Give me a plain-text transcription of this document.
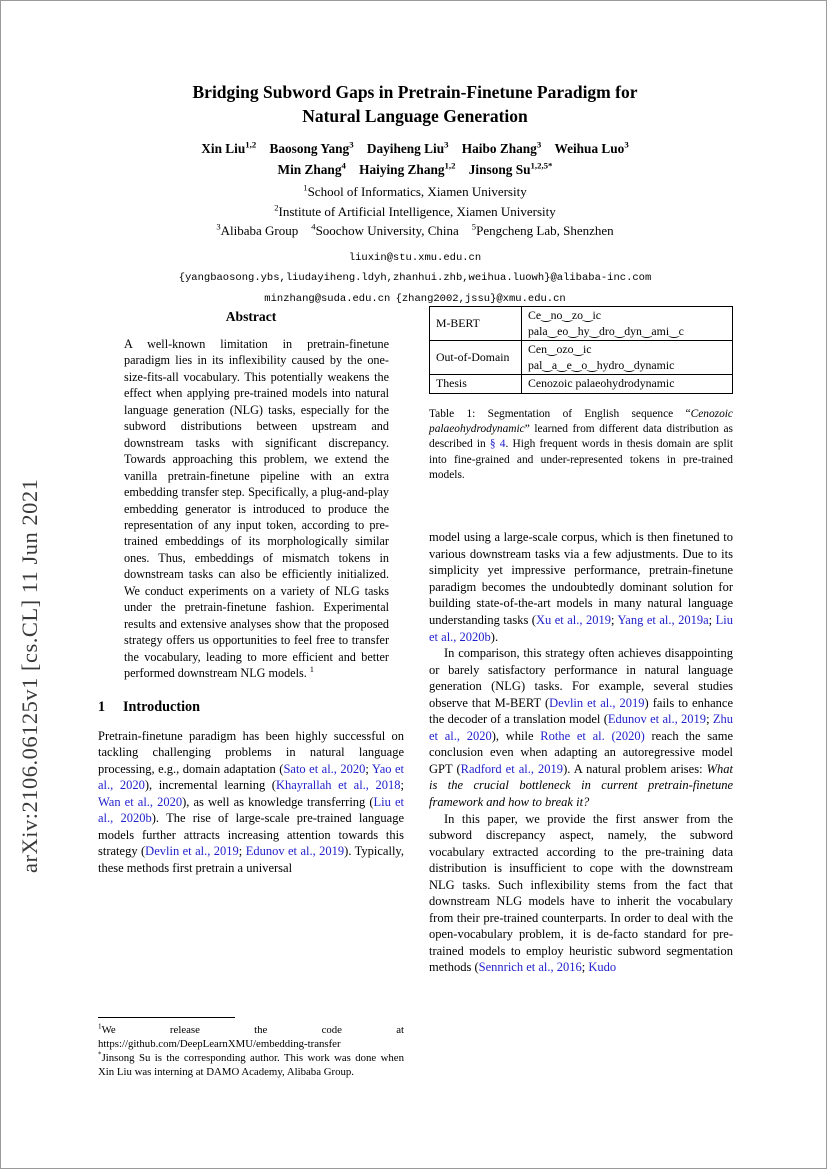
arXiv:2106.06125v1 [cs.CL] 11 Jun 2021
Bridging Subword Gaps in Pretrain-Finetune Paradigm for
Natural Language Generation
Xin Liu$^{1,2}$   Baosong Yang$^3$   Dayiheng Liu$^3$   Haibo Zhang$^3$   Weihua Luo$^3$
Min Zhang$^4$   Haiying Zhang$^{1,2}$   Jinsong $Su^{1,2,5*}$
$^1$School of Informatics, Xiamen University
$^2$Institute of Artificial Intelligence, Xiamen University
$^3$Alibaba Group   $^4$Soochow University, China   $^5$Pengcheng Lab, Shenzhen
liuxin@stu.xmu.edu.cn
{yangbaosong.ybs,liudayiheng.ldyh,zhanhui.zhb,weihua.luowh}@alibaba-inc.com
minzhang@suda.edu.cn {zhang2002,jssu}@xmu.edu.cn
Abstract
A well-known limitation in pretrain-finetune paradigm lies in its inflexibility caused by the one-size-fits-all vocabulary. This potentially weakens the effect when applying pre-trained models into natural language generation (NLG) tasks, especially for the subword distributions between upstream and downstream tasks with significant discrepancy. Towards approaching this problem, we extend the vanilla pretrain-finetune pipeline with an extra embedding transfer step. Specifically, a plug-and-play embedding generator is introduced to produce the representation of any input token, according to pre-trained embeddings of its morphologically similar ones. Thus, embeddings of mismatch tokens in downstream tasks can also be efficiently initialized. We conduct experiments on a variety of NLG tasks under the pretrain-finetune fashion. Experimental results and extensive analyses show that the proposed strategy offers us opportunities to feel free to transfer the vocabulary, leading to more efficient and better performed downstream NLG models. $^1$
1 Introduction

Pretrain-finetune paradigm has been highly successful on tackling challenging problems in natural language processing, e.g., domain adaptation (Sato et al., 2020; Yao et al., 2020), incremental learning (Khayrallah et al., 2018; Wan et al., 2020), as well as knowledge transferring (Liu et al., 2020b). The rise of large-scale pre-trained language models further attracts increasing attention towards this strategy (Devlin et al., 2019; Edunov et al., 2019). Typically, these methods first pretrain a universal

$^1$We release the code at https://github.com/DeepLearnXMU/embedding-transfer
*Jinsong Su is the corresponding author. This work was done when Xin Liu was interning at DAMO Academy, Alibaba Group.
M-BERT	Ce‿no‿zo‿ic pala‿eo‿hy‿dro‿dyn‿ami‿c
Out-of-Domain	Cen‿ozo‿ic pal‿a‿e‿o‿hydro‿dynamic
Thesis	Cenozoic palaeohydrodynamic
Table 1: Segmentation of English sequence “Cenozoic palaeohydrodynamic” learned from different data distribution as described in § 4. High frequent words in thesis domain are split into fine-grained and under-represented tokens in pre-trained models.

model using a large-scale corpus, which is then finetuned to various downstream tasks via a few adjustments. Due to its simplicity yet impressive performance, pretrain-finetune paradigm becomes the undoubtedly dominant solution for building state-of-the-art models in many natural language understanding tasks (Xu et al., 2019; Yang et al., 2019a; Liu et al., 2020b).

In comparison, this strategy often achieves disappointing or barely satisfactory performance in natural language generation (NLG) tasks. For example, several studies observe that M-BERT (Devlin et al., 2019) fails to enhance the decoder of a translation model (Edunov et al., 2019; Zhu et al., 2020), while Rothe et al. (2020) reach the same conclusion even when adapting an autoregressive model GPT (Radford et al., 2019). A natural problem arises: What is the crucial bottleneck in current pretrain-finetune framework and how to break it?

In this paper, we provide the first answer from the subword discrepancy aspect, namely, the subword vocabulary extracted according to the pre-training data distribution is insufficient to cope with the downstream NLG tasks. Such inflexibility stems from the fact that downstream NLG models have to inherit the vocabulary from their pre-trained counterparts. In order to deal with the open-vocabulary problem, it is de-facto standard for pre-trained models to employ heuristic subword segmentation methods (Sennrich et al., 2016; Kudo
